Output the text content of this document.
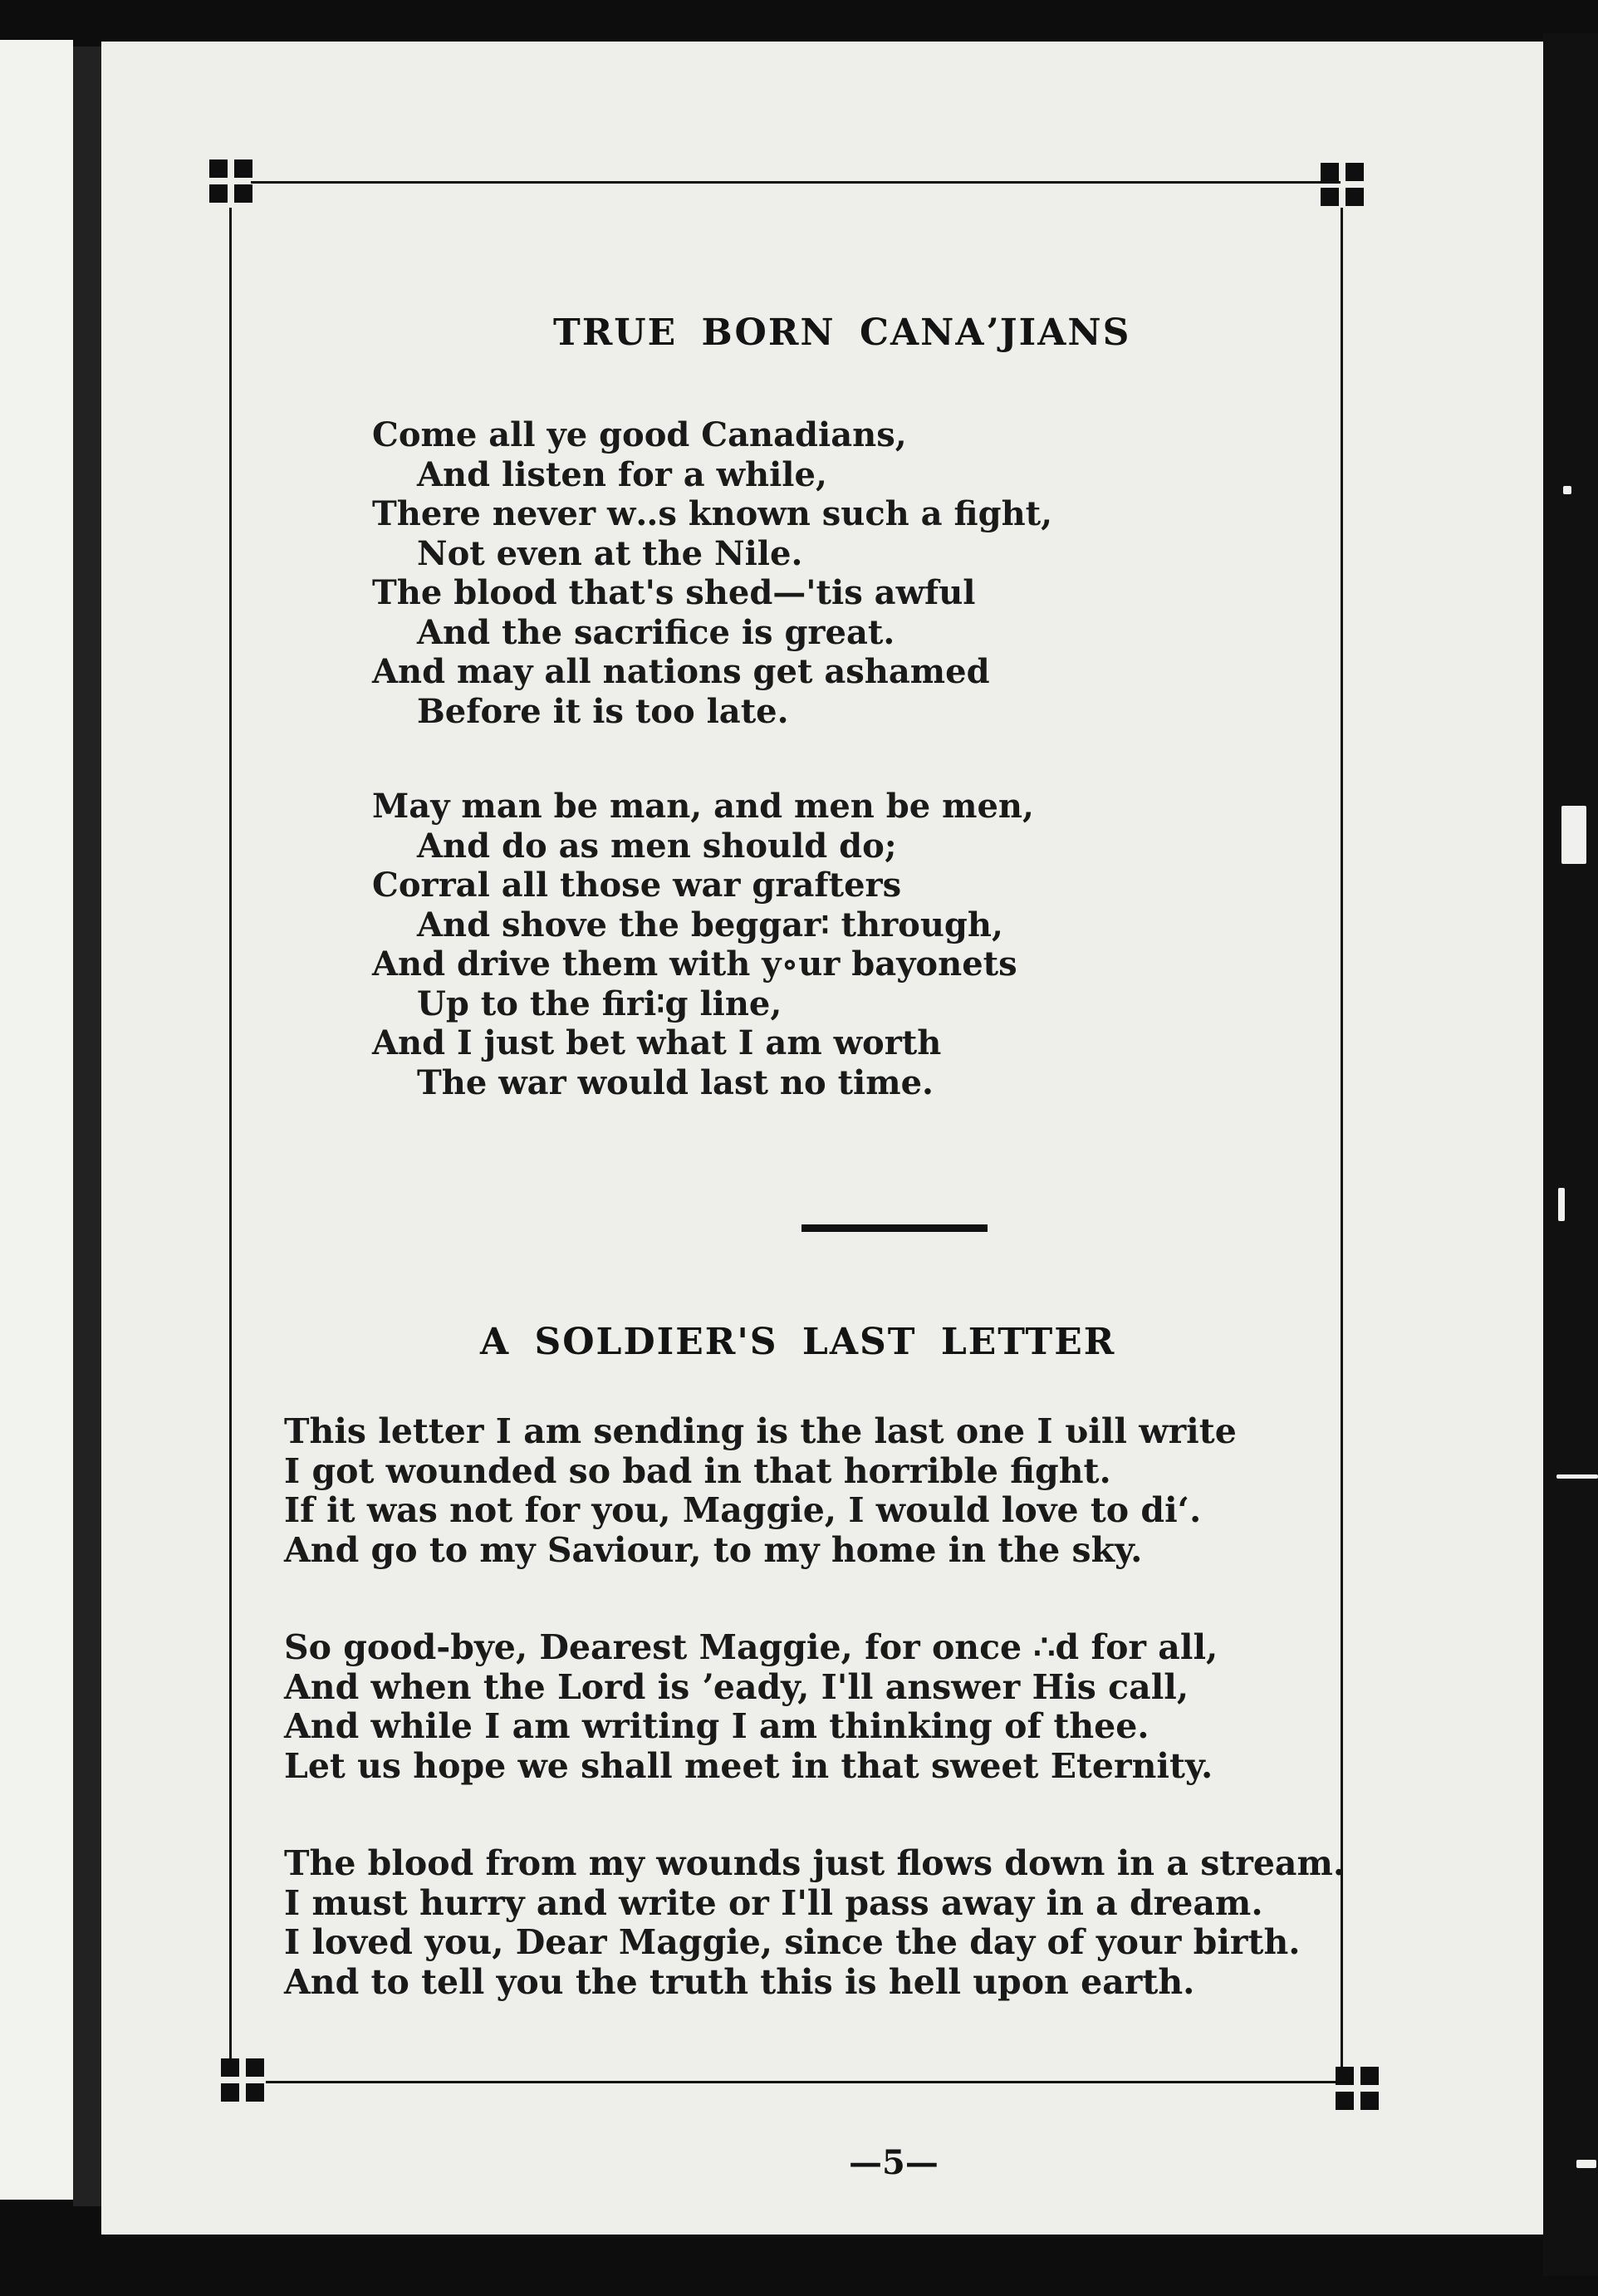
TRUE BORN CANAʼJIANS
Come all ye good Canadians,
And listen for a while,
There never w‥s known such a fight,
Not even at the Nile.
The blood that's shed—'tis awful
And the sacrifice is great.
And may all nations get ashamed
Before it is too late.
May man be man, and men be men,
And do as men should do;
Corral all those war grafters
And shove the beggar∶ through,
And drive them with y∘ur bayonets
Up to the firi∶g line,
And I just bet what I am worth
The war would last no time.
A SOLDIER'S LAST LETTER
This letter I am sending is the last one I ʋill write
I got wounded so bad in that horrible fight.
If it was not for you, Maggie, I would love to di‘.
And go to my Saviour, to my home in the sky.
So good-bye, Dearest Maggie, for once ∴d for all,
And when the Lord is ʼeady, I'll answer His call,
And while I am writing I am thinking of thee.
Let us hope we shall meet in that sweet Eternity.
The blood from my wounds just flows down in a stream.
I must hurry and write or I'll pass away in a dream.
I loved you, Dear Maggie, since the day of your birth.
And to tell you the truth this is hell upon earth.

—5—
